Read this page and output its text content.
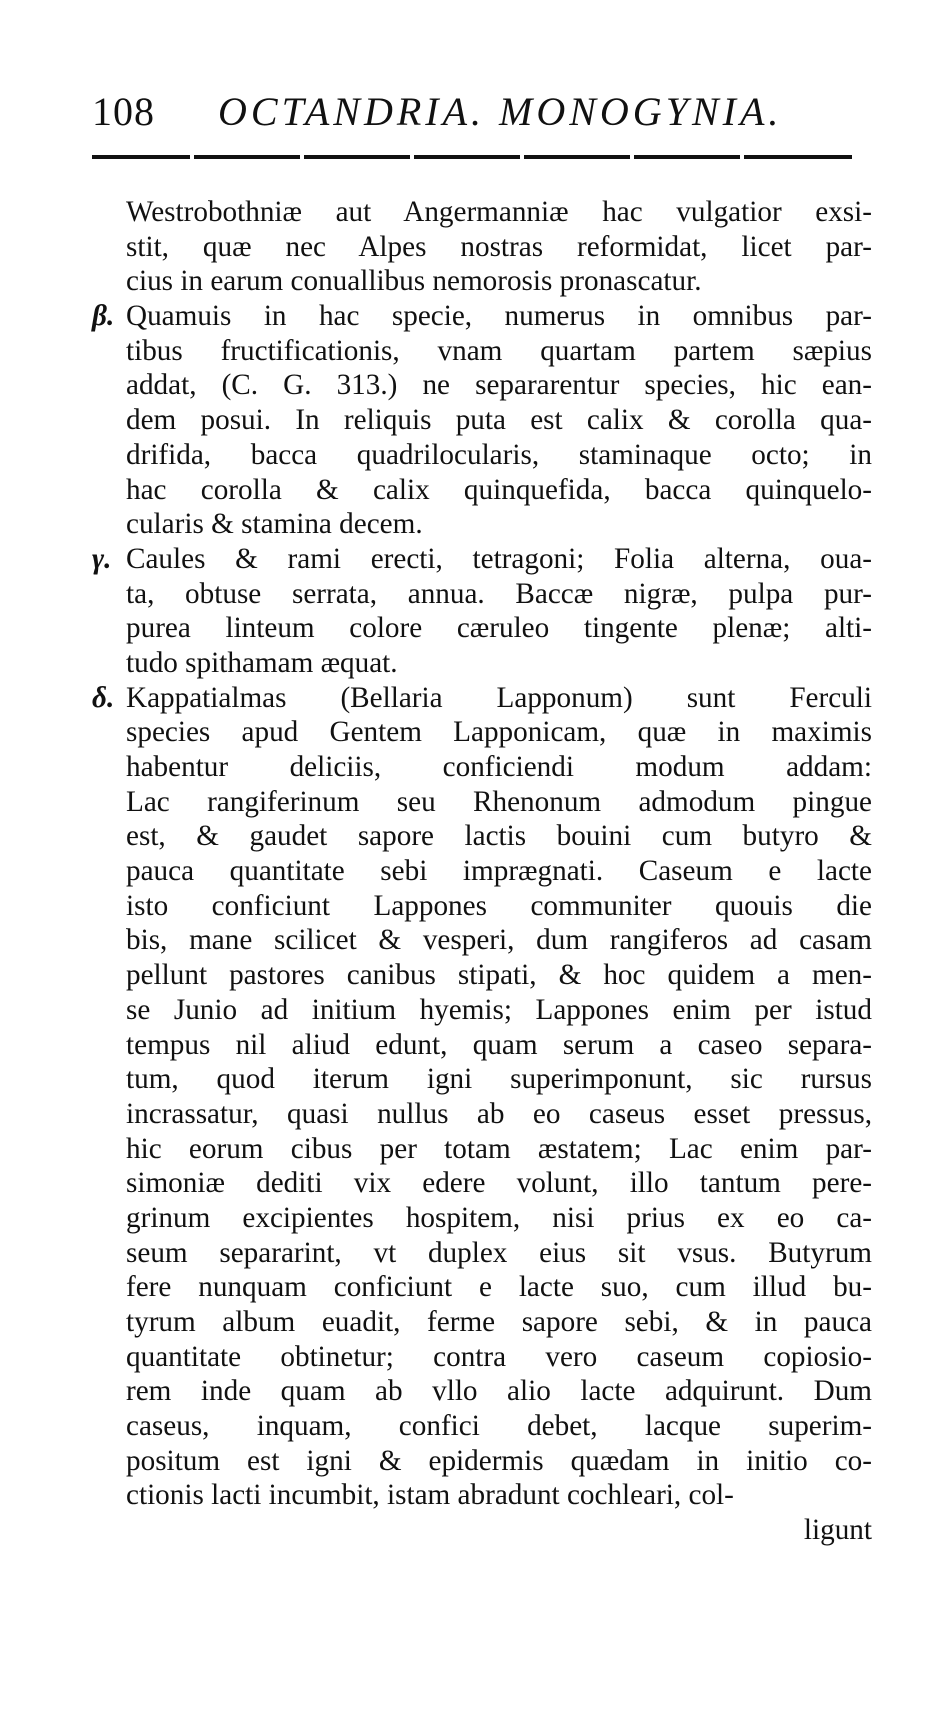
108 OCTANDRIA. MONOGYNIA.
Westrobothniæ aut Angermanniæ hac vulgatior exsi-
stit, quæ nec Alpes nostras reformidat, licet par-
cius in earum conuallibus nemorosis pronascatur.
β. Quamuis in hac specie, numerus in omnibus par-
tibus fructificationis, vnam quartam partem sæpius
addat, (C. G. 313.) ne separarentur species, hic ean-
dem posui. In reliquis puta est calix & corolla qua-
drifida, bacca quadrilocularis, staminaque octo; in
hac corolla & calix quinquefida, bacca quinquelo-
cularis & stamina decem.
γ. Caules & rami erecti, tetragoni; Folia alterna, oua-
ta, obtuse serrata, annua. Baccæ nigræ, pulpa pur-
purea linteum colore cæruleo tingente plenæ; alti-
tudo spithamam æquat.
δ. Kappatialmas (Bellaria Lapponum) sunt Ferculi
species apud Gentem Lapponicam, quæ in maximis
habentur deliciis, conficiendi modum addam:
Lac rangiferinum seu Rhenonum admodum pingue
est, & gaudet sapore lactis bouini cum butyro &
pauca quantitate sebi imprægnati. Caseum e lacte
isto conficiunt Lappones communiter quouis die
bis, mane scilicet & vesperi, dum rangiferos ad casam
pellunt pastores canibus stipati, & hoc quidem a men-
se Junio ad initium hyemis; Lappones enim per istud
tempus nil aliud edunt, quam serum a caseo separa-
tum, quod iterum igni superimponunt, sic rursus
incrassatur, quasi nullus ab eo caseus esset pressus,
hic eorum cibus per totam æstatem; Lac enim par-
simoniæ dediti vix edere volunt, illo tantum pere-
grinum excipientes hospitem, nisi prius ex eo ca-
seum separarint, vt duplex eius sit vsus. Butyrum
fere nunquam conficiunt e lacte suo, cum illud bu-
tyrum album euadit, ferme sapore sebi, & in pauca
quantitate obtinetur; contra vero caseum copiosio-
rem inde quam ab vllo alio lacte adquirunt. Dum
caseus, inquam, confici debet, lacque superim-
positum est igni & epidermis quædam in initio co-
ctionis lacti incumbit, istam abradunt cochleari, col-
ligunt
